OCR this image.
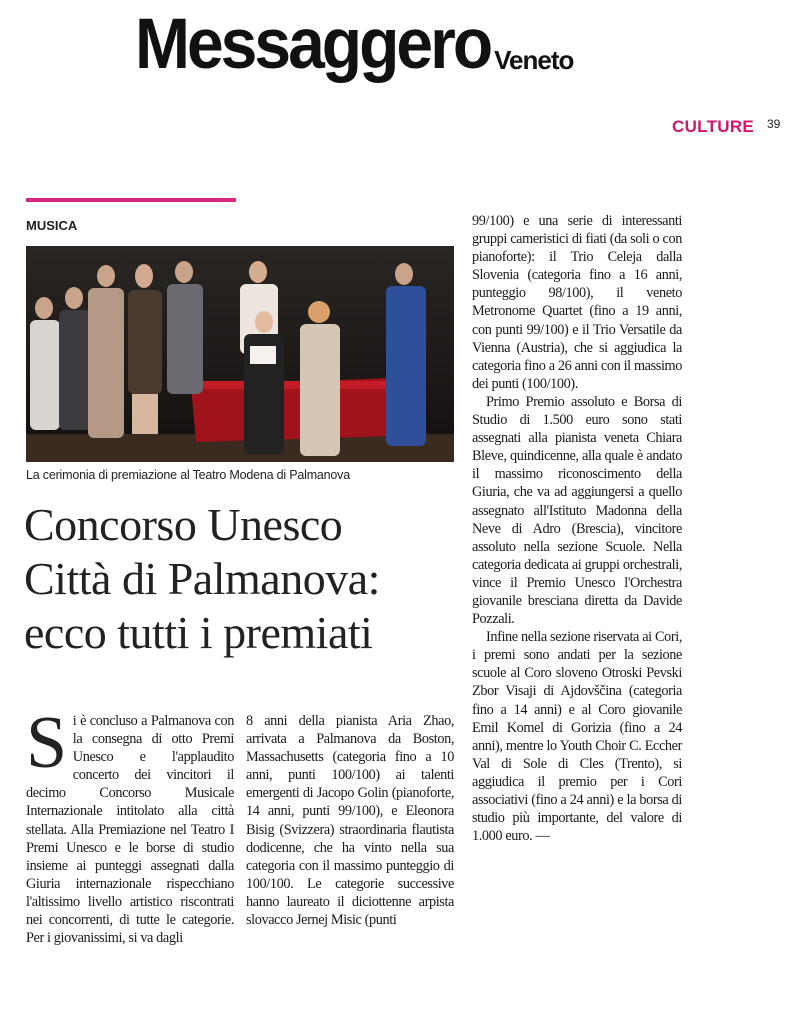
Messaggero Veneto
CULTURE 39
MUSICA
La cerimonia di premiazione al Teatro Modena di Palmanova
Concorso Unesco
Città di Palmanova:
ecco tutti i premiati

Si è concluso a Palmanova con la consegna di otto Premi Unesco e l'applaudito concerto dei vincitori il decimo Concorso Musicale Internazionale intitolato alla città stellata. Alla Premiazione nel Teatro I Premi Unesco e le borse di studio insieme ai punteggi assegnati dalla Giuria internazionale rispecchiano l'altissimo livello artistico riscontrati nei concorrenti, di tutte le categorie. Per i giovanissimi, si va dagli

8 anni della pianista Aria Zhao, arrivata a Palmanova da Boston, Massachusetts (categoria fino a 10 anni, punti 100/100) ai talenti emergenti di Jacopo Golin (pianoforte, 14 anni, punti 99/100), e Eleonora Bisig (Svizzera) straordinaria flautista dodicenne, che ha vinto nella sua categoria con il massimo punteggio di 100/100. Le categorie successive hanno laureato il diciottenne arpista slovacco Jernej Misic (punti

99/100) e una serie di interessanti gruppi cameristici di fiati (da soli o con pianoforte): il Trio Celeja dalla Slovenia (categoria fino a 16 anni, punteggio 98/100), il veneto Metronome Quartet (fino a 19 anni, con punti 99/100) e il Trio Versatile da Vienna (Austria), che si aggiudica la categoria fino a 26 anni con il massimo dei punti (100/100).

Primo Premio assoluto e Borsa di Studio di 1.500 euro sono stati assegnati alla pianista veneta Chiara Bleve, quindicenne, alla quale è andato il massimo riconoscimento della Giuria, che va ad aggiungersi a quello assegnato all'Istituto Madonna della Neve di Adro (Brescia), vincitore assoluto nella sezione Scuole. Nella categoria dedicata ai gruppi orchestrali, vince il Premio Unesco l'Orchestra giovanile bresciana diretta da Davide Pozzali.

Infine nella sezione riservata ai Cori, i premi sono andati per la sezione scuole al Coro sloveno Otroski Pevski Zbor Visaji di Ajdovščina (categoria fino a 14 anni) e al Coro giovanile Emil Komel di Gorizia (fino a 24 anni), mentre lo Youth Choir C. Eccher Val di Sole di Cles (Trento), si aggiudica il premio per i Cori associativi (fino a 24 anni) e la borsa di studio più importante, del valore di 1.000 euro. —
